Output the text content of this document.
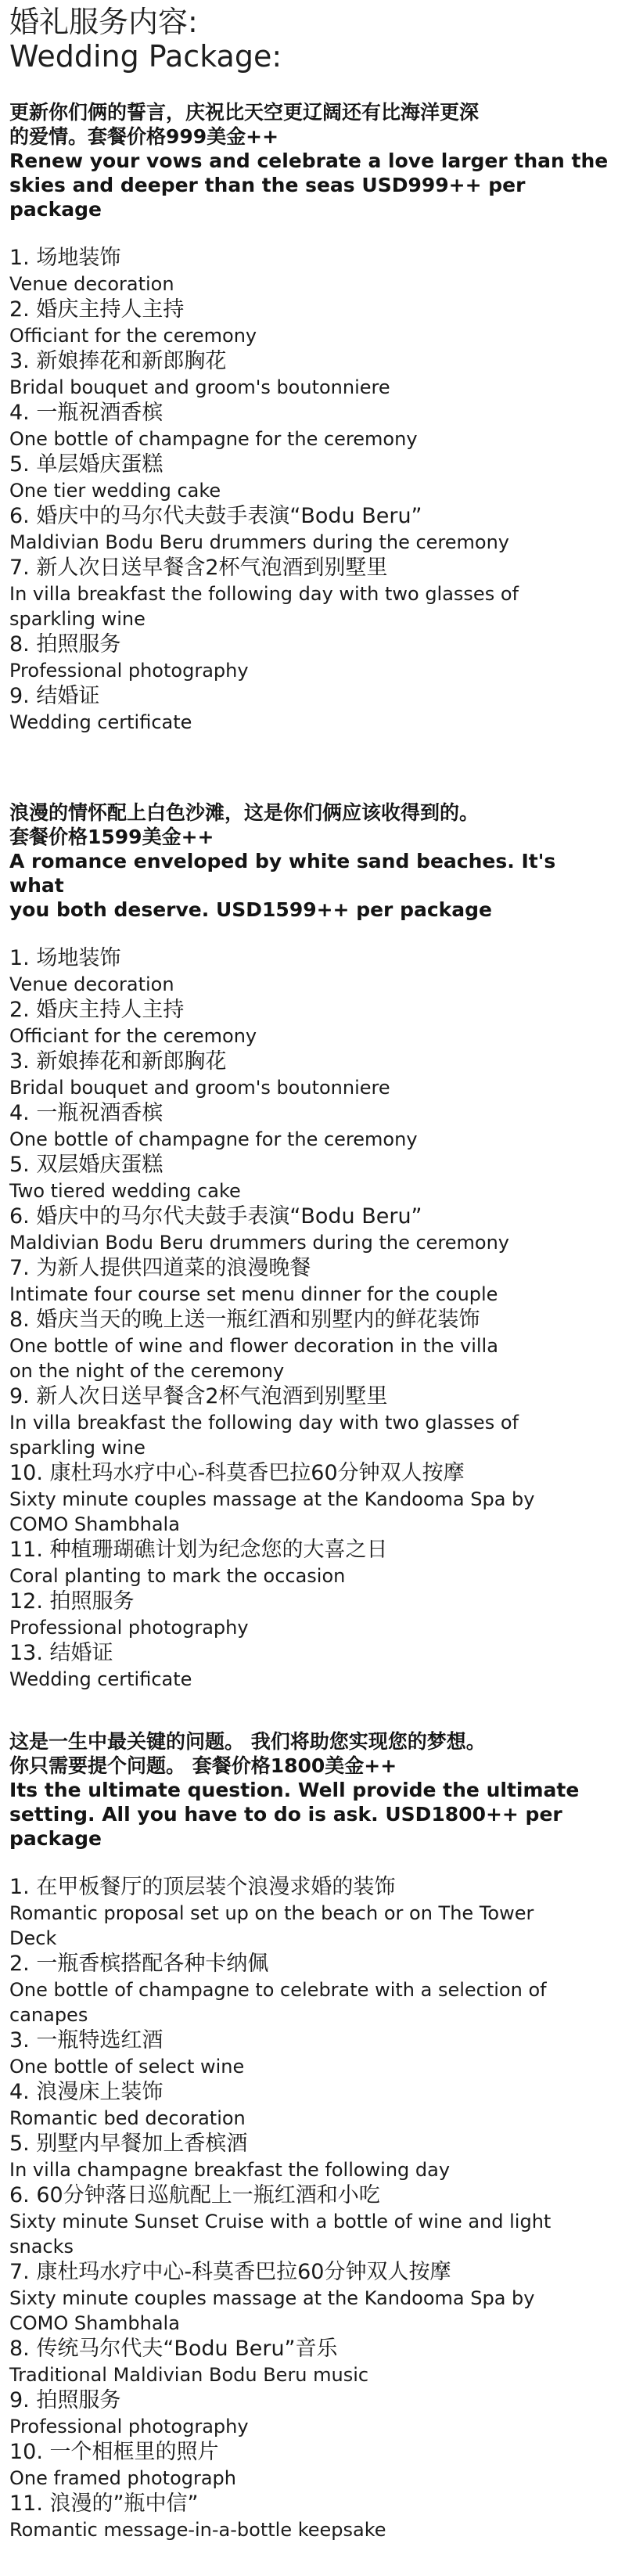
婚礼服务内容:
Wedding Package:

更新你们俩的誓言，庆祝比天空更辽阔还有比海洋更深
的爱情。套餐价格999美金++

Renew your vows and celebrate a love larger than the
skies and deeper than the seas USD999++ per package

1. 场地装饰
Venue decoration
2. 婚庆主持人主持
Officiant for the ceremony
3. 新娘捧花和新郎胸花
Bridal bouquet and groom's boutonniere
4. 一瓶祝酒香槟
One bottle of champagne for the ceremony
5. 单层婚庆蛋糕
One tier wedding cake
6. 婚庆中的马尔代夫鼓手表演“Bodu Beru”
Maldivian Bodu Beru drummers during the ceremony
7. 新人次日送早餐含2杯气泡酒到别墅里
In villa breakfast the following day with two glasses of
sparkling wine
8. 拍照服务
Professional photography
9. 结婚证
Wedding certificate

浪漫的情怀配上白色沙滩，这是你们俩应该收得到的。
套餐价格1599美金++

A romance enveloped by white sand beaches. It's what
you both deserve. USD1599++ per package

1. 场地装饰
Venue decoration
2. 婚庆主持人主持
Officiant for the ceremony
3. 新娘捧花和新郎胸花
Bridal bouquet and groom's boutonniere
4. 一瓶祝酒香槟
One bottle of champagne for the ceremony
5. 双层婚庆蛋糕
Two tiered wedding cake
6. 婚庆中的马尔代夫鼓手表演“Bodu Beru”
Maldivian Bodu Beru drummers during the ceremony
7. 为新人提供四道菜的浪漫晚餐
Intimate four course set menu dinner for the couple
8. 婚庆当天的晚上送一瓶红酒和别墅内的鲜花装饰
One bottle of wine and flower decoration in the villa
on the night of the ceremony
9. 新人次日送早餐含2杯气泡酒到别墅里
In villa breakfast the following day with two glasses of
sparkling wine
10. 康杜玛水疗中心-科莫香巴拉60分钟双人按摩
Sixty minute couples massage at the Kandooma Spa by
COMO Shambhala
11. 种植珊瑚礁计划为纪念您的大喜之日
Coral planting to mark the occasion
12. 拍照服务
Professional photography
13. 结婚证
Wedding certificate

这是一生中最关键的问题。 我们将助您实现您的梦想。
你只需要提个问题。 套餐价格1800美金++

Its the ultimate question. Well provide the ultimate
setting. All you have to do is ask. USD1800++ per
package

1. 在甲板餐厅的顶层装个浪漫求婚的装饰
Romantic proposal set up on the beach or on The Tower
Deck
2. 一瓶香槟搭配各种卡纳佩
One bottle of champagne to celebrate with a selection of
canapes
3. 一瓶特选红酒
One bottle of select wine
4. 浪漫床上装饰
Romantic bed decoration
5. 别墅内早餐加上香槟酒
In villa champagne breakfast the following day
6. 60分钟落日巡航配上一瓶红酒和小吃
Sixty minute Sunset Cruise with a bottle of wine and light
snacks
7. 康杜玛水疗中心-科莫香巴拉60分钟双人按摩
Sixty minute couples massage at the Kandooma Spa by
COMO Shambhala
8. 传统马尔代夫“Bodu Beru”音乐
Traditional Maldivian Bodu Beru music
9. 拍照服务
Professional photography
10. 一个相框里的照片
One framed photograph
11. 浪漫的”瓶中信”
Romantic message-in-a-bottle keepsake
